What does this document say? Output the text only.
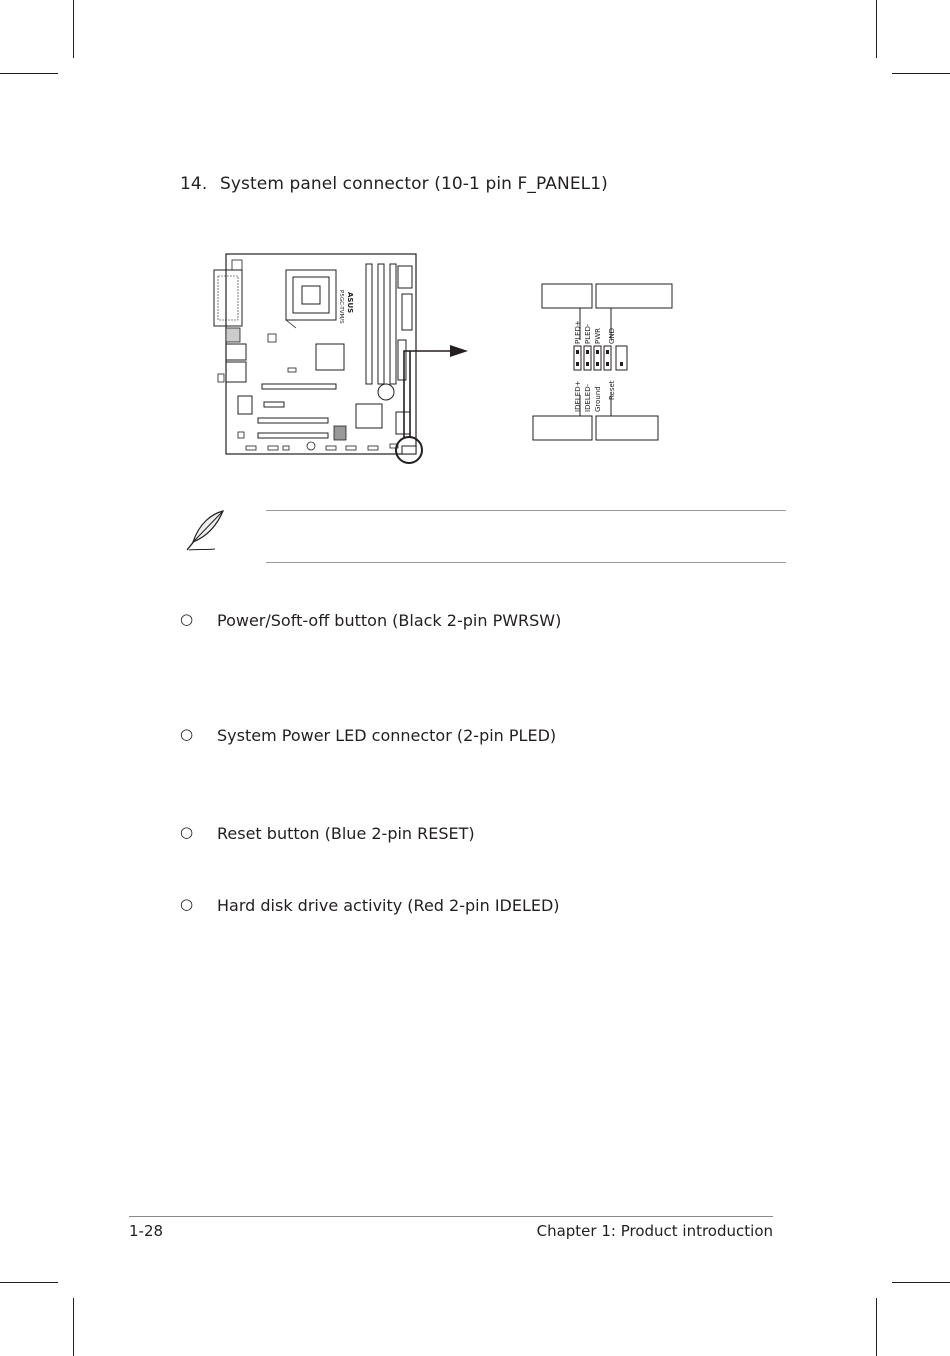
14. System panel connector (10-1 pin F_PANEL1)
ASUS
P5GC-TVM/S
PLED+ PLED- PWR GND
IDELED+ IDELED- Ground Reset
○ Power/Soft-off button (Black 2-pin PWRSW)
○ System Power LED connector (2-pin PLED)
○ Reset button (Blue 2-pin RESET)
○ Hard disk drive activity (Red 2-pin IDELED)
1-28	Chapter 1: Product introduction
